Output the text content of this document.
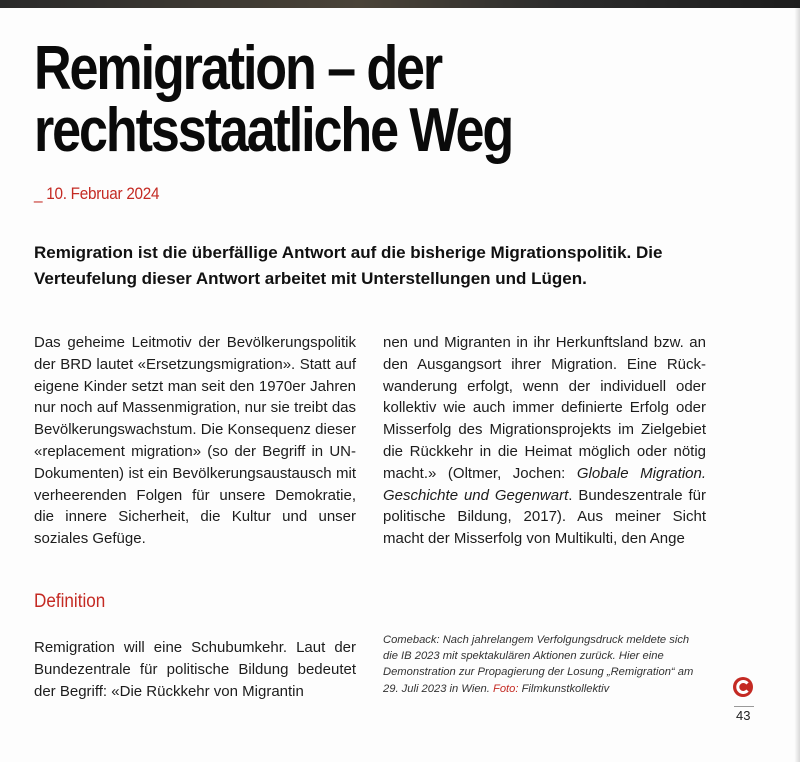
Remigration – der
rechtsstaatliche Weg
_ 10. Februar 2024

Remigration ist die überfällige Antwort auf die bisherige Migrationspolitik. Die Verteufelung dieser Antwort arbeitet mit Unterstellungen und Lügen.

Das geheime Leitmotiv der Bevölkerungspolitik der BRD lautet «Ersetzungsmigration». Statt auf eigene Kinder setzt man seit den 1970er Jahren nur noch auf Massenmigration, nur sie treibt das Bevölkerungswachstum. Die Konsequenz dieser «replacement migration» (so der Begriff in UN-Dokumenten) ist ein Bevölkerungsaustausch mit verheerenden Folgen für unsere Demokratie, die innere Sicherheit, die Kultur und unser soziales Gefüge.

Definition

Remigration will eine Schubumkehr. Laut der Bundezentrale für politische Bildung bedeutet der Begriff: «Die Rückkehr von Migrantin

nen und Migranten in ihr Herkunftsland bzw. an den Ausgangsort ihrer Migration. Eine Rückwanderung erfolgt, wenn der individuell oder kollektiv wie auch immer definierte Erfolg oder Misserfolg des Migrationsprojekts im Zielgebiet die Rückkehr in die Heimat möglich oder nötig macht.» (Oltmer, Jochen: Globale Migration. Geschichte und Gegenwart. Bundeszentrale für politische Bildung, 2017). Aus meiner Sicht macht der Misserfolg von Multikulti, den Ange

Comeback: Nach jahrelangem Verfolgungsdruck meldete sich die IB 2023 mit spektakulären Aktionen zurück. Hier eine Demonstration zur Propagierung der Losung „Remigration“ am 29. Juli 2023 in Wien. Foto: Filmkunstkollektiv
43
